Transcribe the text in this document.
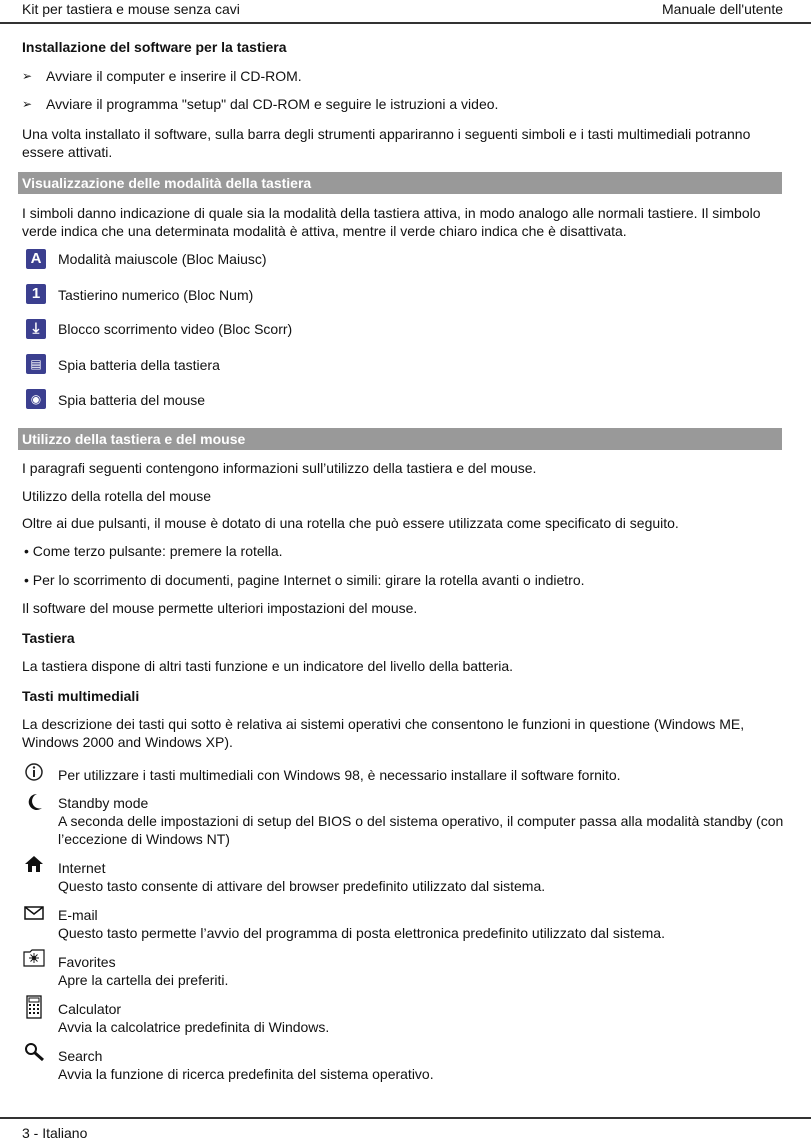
Kit per tastiera e mouse senza cavi	Manuale dell'utente
Installazione del software per la tastiera
➢ Avviare il computer e inserire il CD-ROM.
➢ Avviare il programma "setup" dal CD-ROM e seguire le istruzioni a video.
Una volta installato il software, sulla barra degli strumenti appariranno i seguenti simboli e i tasti multimediali potranno essere attivati.
Visualizzazione delle modalità della tastiera
I simboli danno indicazione di quale sia la modalità della tastiera attiva, in modo analogo alle normali tastiere. Il simbolo verde indica che una determinata modalità è attiva, mentre il verde chiaro indica che è disattivata.
A	Modalità maiuscole (Bloc Maiusc)
1	Tastierino numerico (Bloc Num)
⤓	Blocco scorrimento video (Bloc Scorr)
▤	Spia batteria della tastiera
◉	Spia batteria del mouse
Utilizzo della tastiera e del mouse
I paragrafi seguenti contengono informazioni sull’utilizzo della tastiera e del mouse.
Utilizzo della rotella del mouse
Oltre ai due pulsanti, il mouse è dotato di una rotella che può essere utilizzata come specificato di seguito.
• Come terzo pulsante: premere la rotella.
• Per lo scorrimento di documenti, pagine Internet o simili: girare la rotella avanti o indietro.
Il software del mouse permette ulteriori impostazioni del mouse.
Tastiera
La tastiera dispone di altri tasti funzione e un indicatore del livello della batteria.
Tasti multimediali
La descrizione dei tasti qui sotto è relativa ai sistemi operativi che consentono le funzioni in questione (Windows ME, Windows 2000 and Windows XP).
Per utilizzare i tasti multimediali con Windows 98, è necessario installare il software fornito.
Standby mode
A seconda delle impostazioni di setup del BIOS o del sistema operativo, il computer passa alla modalità standby (con l’eccezione di Windows NT)
Internet
Questo tasto consente di attivare del browser predefinito utilizzato dal sistema.
E-mail
Questo tasto permette l’avvio del programma di posta elettronica predefinito utilizzato dal sistema.
Favorites
Apre la cartella dei preferiti.
Calculator
Avvia la calcolatrice predefinita di Windows.
Search
Avvia la funzione di ricerca predefinita del sistema operativo.
3 - Italiano
